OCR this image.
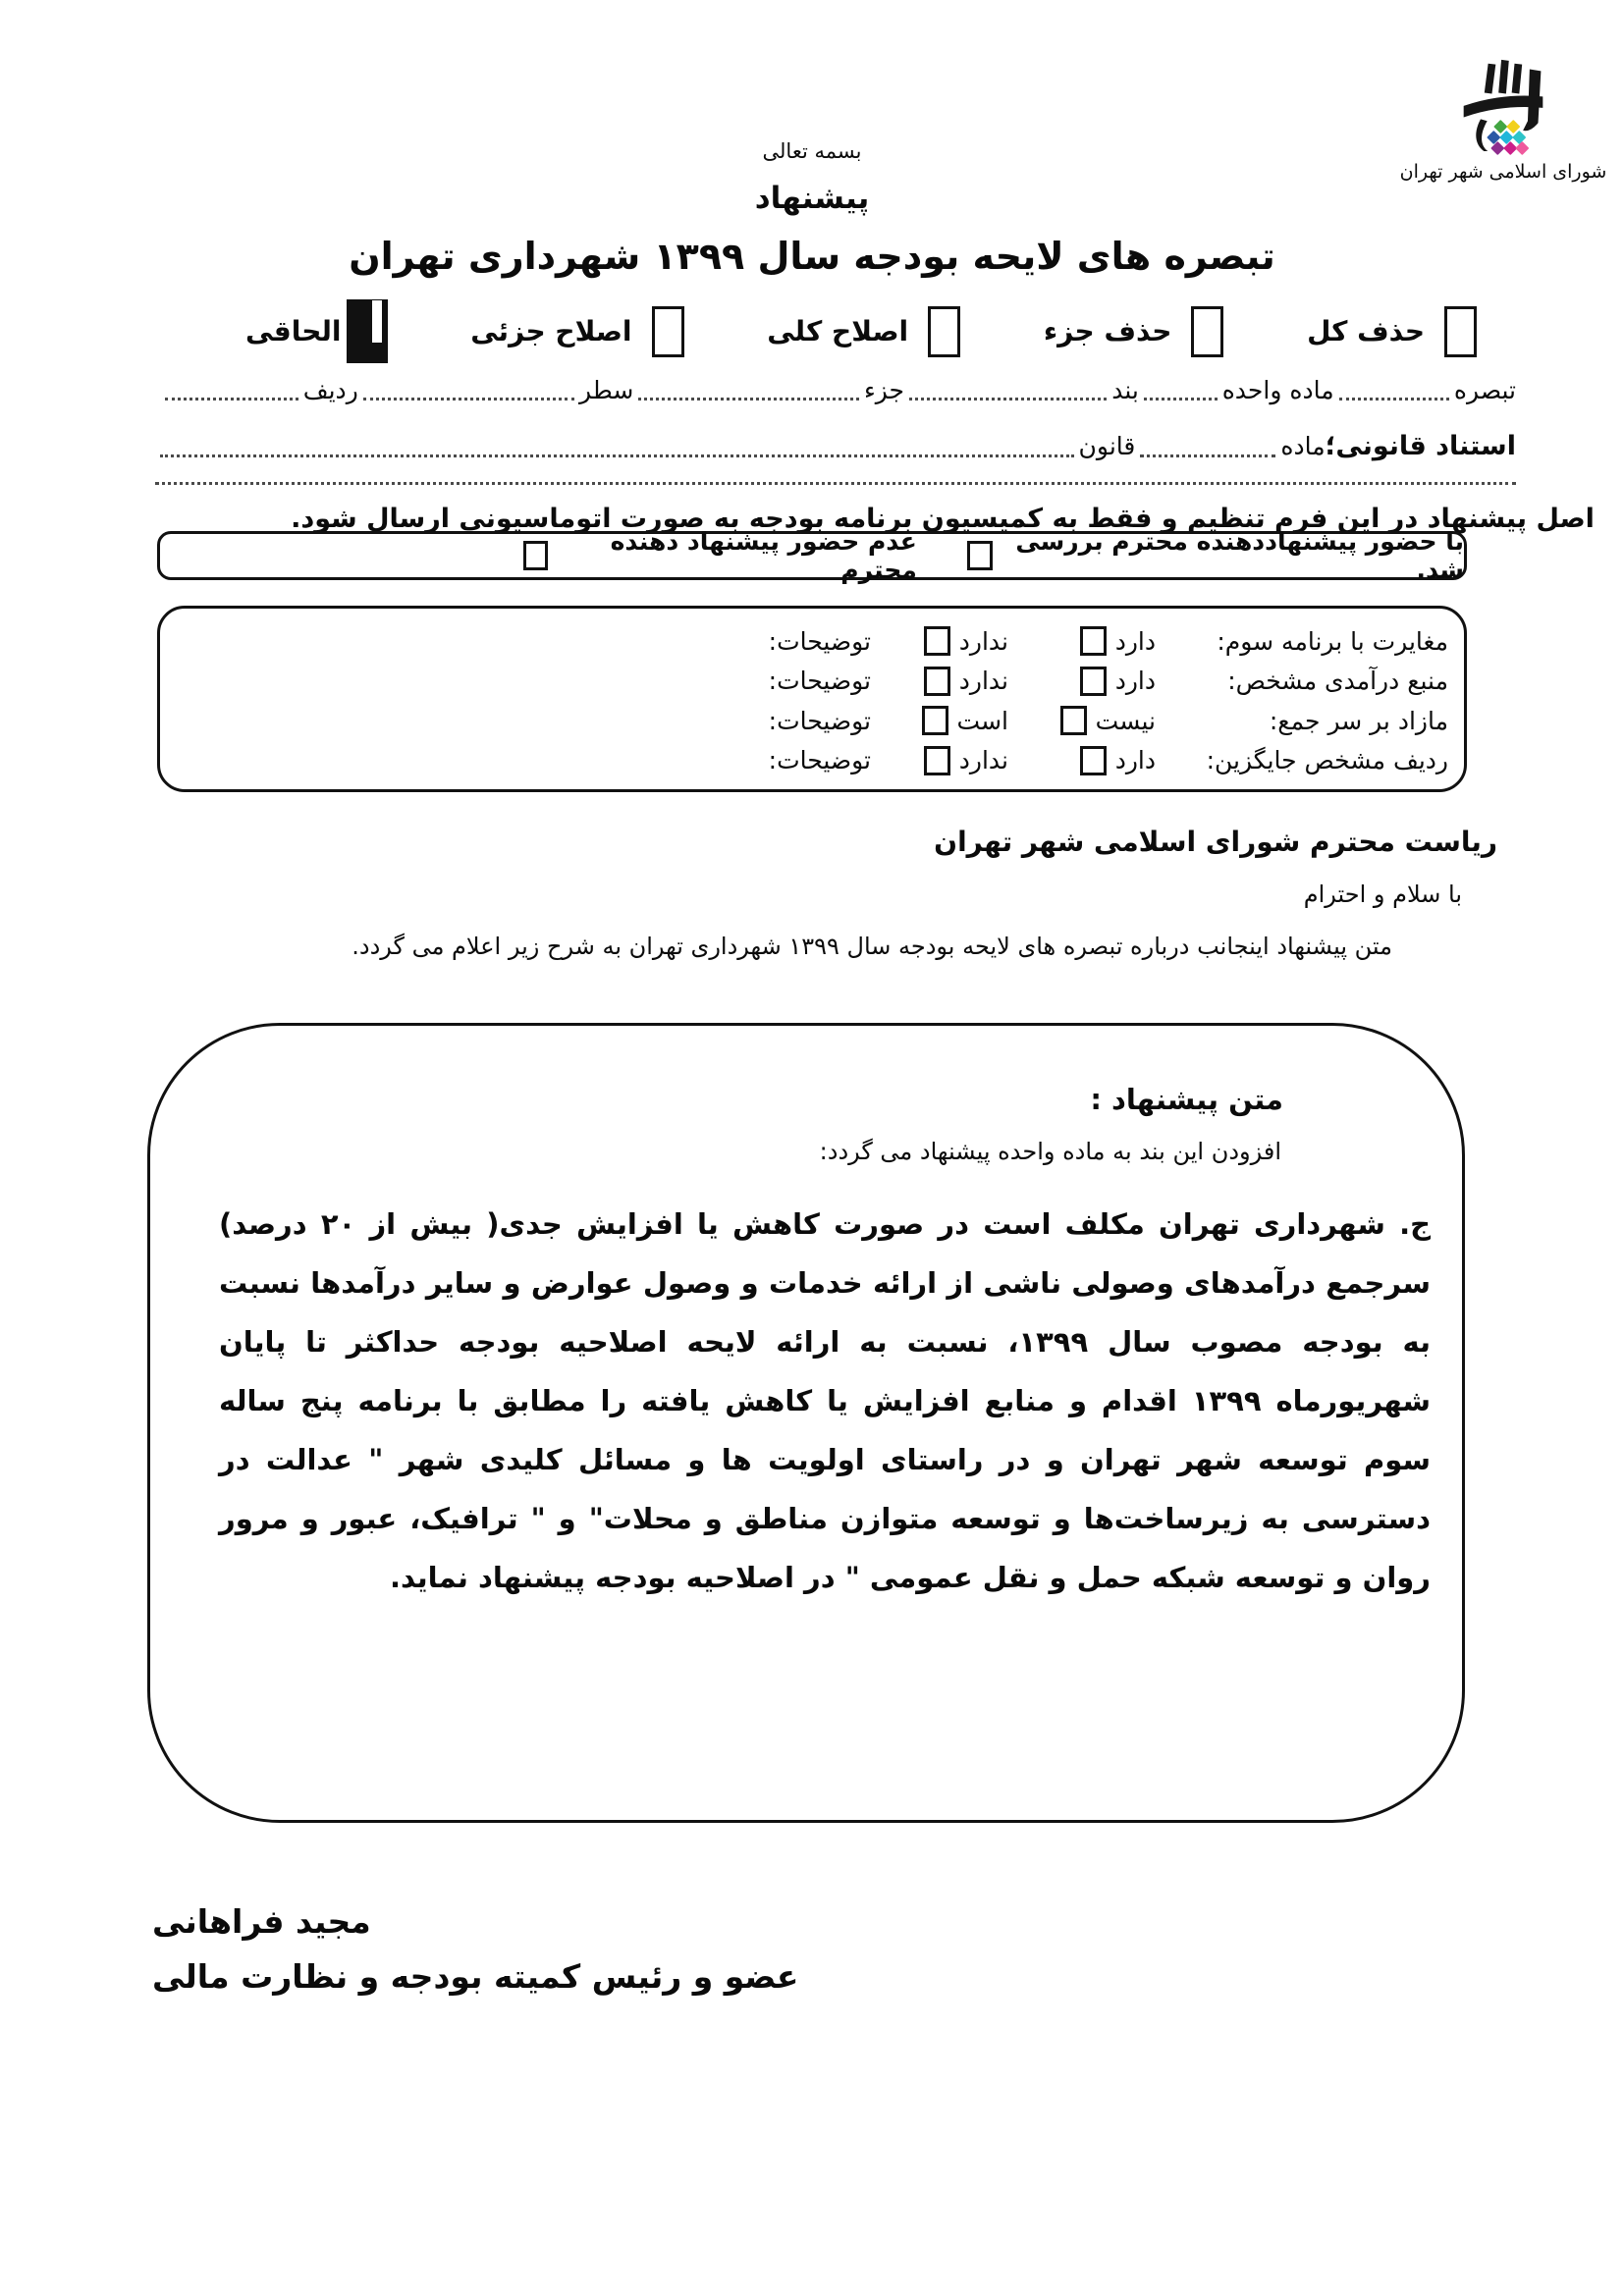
شورای اسلامی شهر تهران
بسمه تعالی
پیشنهاد
تبصره های لایحه بودجه سال ۱۳۹۹ شهرداری تهران
حذف کل
حذف جزء
اصلاح کلی
اصلاح جزئی
الحاقی
تبصره
ماده واحده
بند
جزء
سطر
ردیف
استناد قانونی؛
ماده
قانون
اصل پیشنهاد در این فرم تنظیم و فقط به کمیسیون برنامه بودجه به صورت اتوماسیونی ارسال شود.
با حضور پیشنهاددهنده محترم بررسی شد.
عدم حضور پیشنهاد دهنده محترم
مغایرت با برنامه سوم:
دارد
ندارد
توضیحات:
منبع درآمدی مشخص:
دارد
ندارد
توضیحات:
مازاد بر سر جمع:
نیست
است
توضیحات:
ردیف مشخص جایگزین:
دارد
ندارد
توضیحات:
ریاست محترم شورای اسلامی شهر تهران
با سلام و احترام
متن پیشنهاد اینجانب درباره تبصره های لایحه بودجه سال ۱۳۹۹ شهرداری تهران به شرح زیر اعلام می گردد.
متن پیشنهاد :
افزودن این بند به ماده واحده پیشنهاد می گردد:
ج. شهرداری تهران مکلف است در صورت کاهش یا افزایش جدی( بیش از ۲۰ درصد) سرجمع درآمدهای وصولی ناشی از ارائه خدمات و وصول عوارض و سایر درآمدها نسبت به بودجه مصوب سال ۱۳۹۹، نسبت به ارائه لایحه اصلاحیه بودجه حداکثر تا پایان شهریورماه ۱۳۹۹ اقدام و منابع افزایش یا کاهش یافته را مطابق با برنامه پنج ساله سوم توسعه شهر تهران و در راستای اولویت ها و مسائل کلیدی شهر " عدالت در دسترسی به زیرساخت‌ها و توسعه متوازن مناطق و محلات" و " ترافیک، عبور و مرور روان و توسعه شبکه حمل و نقل عمومی " در اصلاحیه بودجه پیشنهاد نماید.
مجید فراهانی
عضو و رئیس کمیته بودجه و نظارت مالی
